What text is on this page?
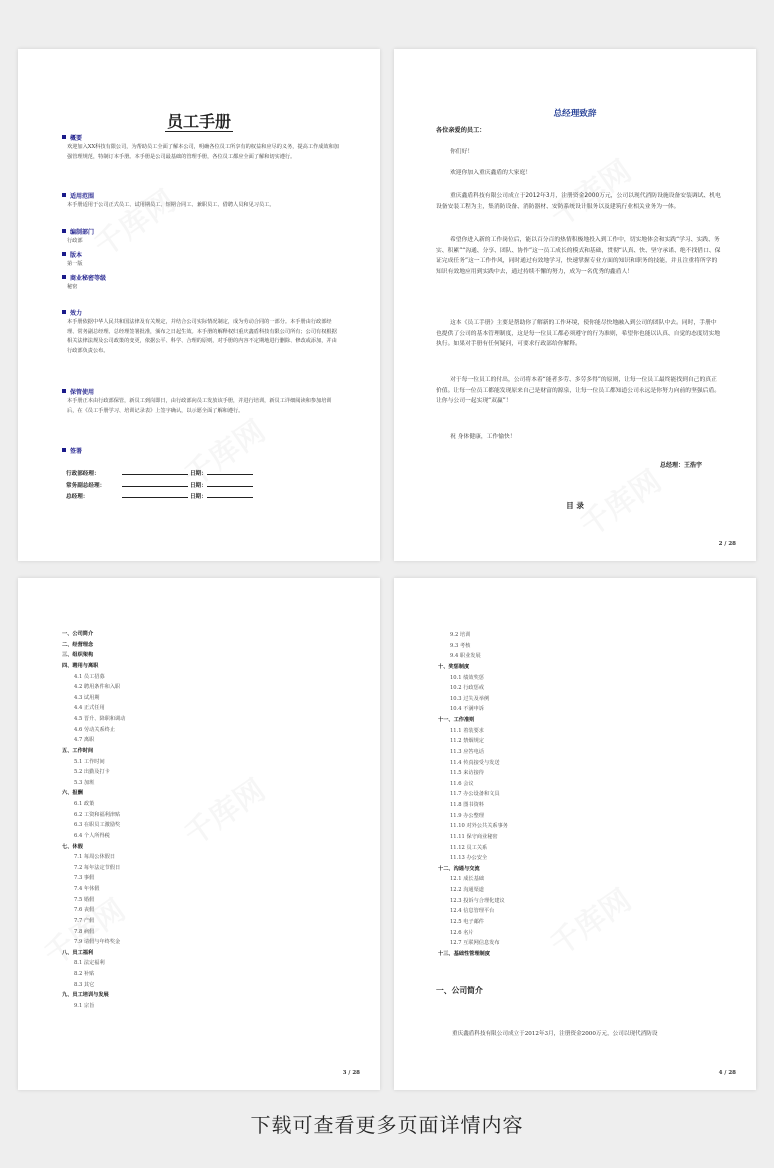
员工手册
概要
欢迎加入XX科技有限公司，为帮助员工全面了解本公司，明确各位员工所享有的权益和应尽的义务，提高工作成效和加强管理规范，特制订本手册。本手册是公司最基础的管理手册，各位员工都应全面了解和切实遵行。
适用范围
本手册适用于公司正式员工、试用期员工、短期合同工、兼职员工、借聘人员和见习员工。
编制部门
行政部
版本
第一版
商业秘密等级
秘密
效力
本手册依据中华人民共和国法律及有关规定，并结合公司实际情况制定，成为劳动合同的一部分。本手册由行政部经理、常务副总经理、总经理签署批准，颁布之日起生效。本手册的解释权归重庆鑫盾科技有限公司所有；公司有权根据相关法律法规及公司政策的变更，依据公平、科学、合理的原则，对手册的内容不定期地进行删除、修改或添加，并由行政部负责公布。
保管使用
本手册正本由行政部保管，新员工到岗即日，由行政部向员工发放该手册，并进行培训，新员工详细阅读和参加培训后，在《员工手册学习、培训记录表》上签字确认，以示愿全面了解和遵行。
签署
行政部经理：	日期：
常务副总经理：	日期：
总经理：	日期：
总经理致辞
各位亲爱的员工：
你们好！
欢迎你加入重庆鑫盾的大家庭！
重庆鑫盾科技有限公司成立于2012年3月，注册资金2000万元，公司以现代消防设施设备安装调试、机电设备安装工程为主，集消防设备、消防器材、安防系统设计服务以及建筑行业相关业务为一体。
希望你进入新的工作岗位后，能以百分百的热情积极地投入到工作中，切实地体会和实践“学习、实践、务实、积累”“沟通、分享、团队、协作”这一员工成长的模式和基础，贯彻“认真、快、坚守承诺、绝不找借口、保证完成任务”这一工作作风，同时通过有效地学习，快速掌握专业方面的知识和职务的技能，并且注重将所学的知识有效地应用到实践中去，通过持续不懈的努力，成为一名优秀的鑫盾人！
这本《员工手册》主要是帮助你了解新的工作环境，使你能尽快地融入到公司的团队中去。同时，手册中也提供了公司的基本管理制度，这是每一位员工都必须遵守的行为准则，希望你也能以认真、自觉的态度切实地执行。如果对手册有任何疑问，可要求行政部给你解释。
对于每一位员工的付出，公司将本着“能者多劳、多劳多得”的原则，让每一位员工最终能找到自己的真正价值。让每一位员工都能发现原来自己是财富的源泉，让每一位员工都知道公司永远是你努力向前的坚强后盾。让你与公司一起实现“双赢”！
祝 身体健康，工作愉快！
总经理：王浩宇
目 录
2 / 28
一、公司简介
二、经营理念
三、组织架构
四、聘用与离职
4.1 员工招募
4.2 聘用条件和入职
4.3 试用期
4.4 正式任用
4.5 晋升、降职和调动
4.6 劳动关系终止
4.7 离职
五、工作时间
5.1 工作时间
5.2 出勤及打卡
5.3 加班
六、报酬
6.1 政策
6.2 工资和福利津贴
6.3 在职员工激励奖
6.4 个人所得税
七、休假
7.1 每周公休假日
7.2 每年法定节假日
7.3 事假
7.4 年休假
7.5 婚假
7.6 丧假
7.7 产假
7.8 病假
7.9 请假与年终奖金
八、员工福利
8.1 法定福利
8.2 补贴
8.3 其它
九、员工培训与发展
9.1 宗旨
3 / 28
9.2 培训
9.3 考核
9.4 职业发展
十、奖惩制度
10.1 绩效奖惩
10.2 行政惩戒
10.3 过失及举例
10.4 不满申诉
十一、工作准则
11.1 着装要求
11.2 禁烟规定
11.3 应答电话
11.4 传真接受与发送
11.5 来访接待
11.6 会议
11.7 办公设备和文具
11.8 图书资料
11.9 办公整理
11.10 对外公共关系事务
11.11 保守商业秘密
11.12 员工关系
11.13 办公安全
十二、沟通与交流
12.1 成长基础
12.2 沟通渠道
12.3 投诉与合理化建议
12.4 信息管理平台
12.5 电子邮件
12.6 名片
12.7 互联网信息发布
十三、基础性管理制度
一、公司简介
重庆鑫盾科技有限公司成立于2012年3月，注册资金2000万元，公司以现代消防设
4 / 28
下载可查看更多页面详情内容
